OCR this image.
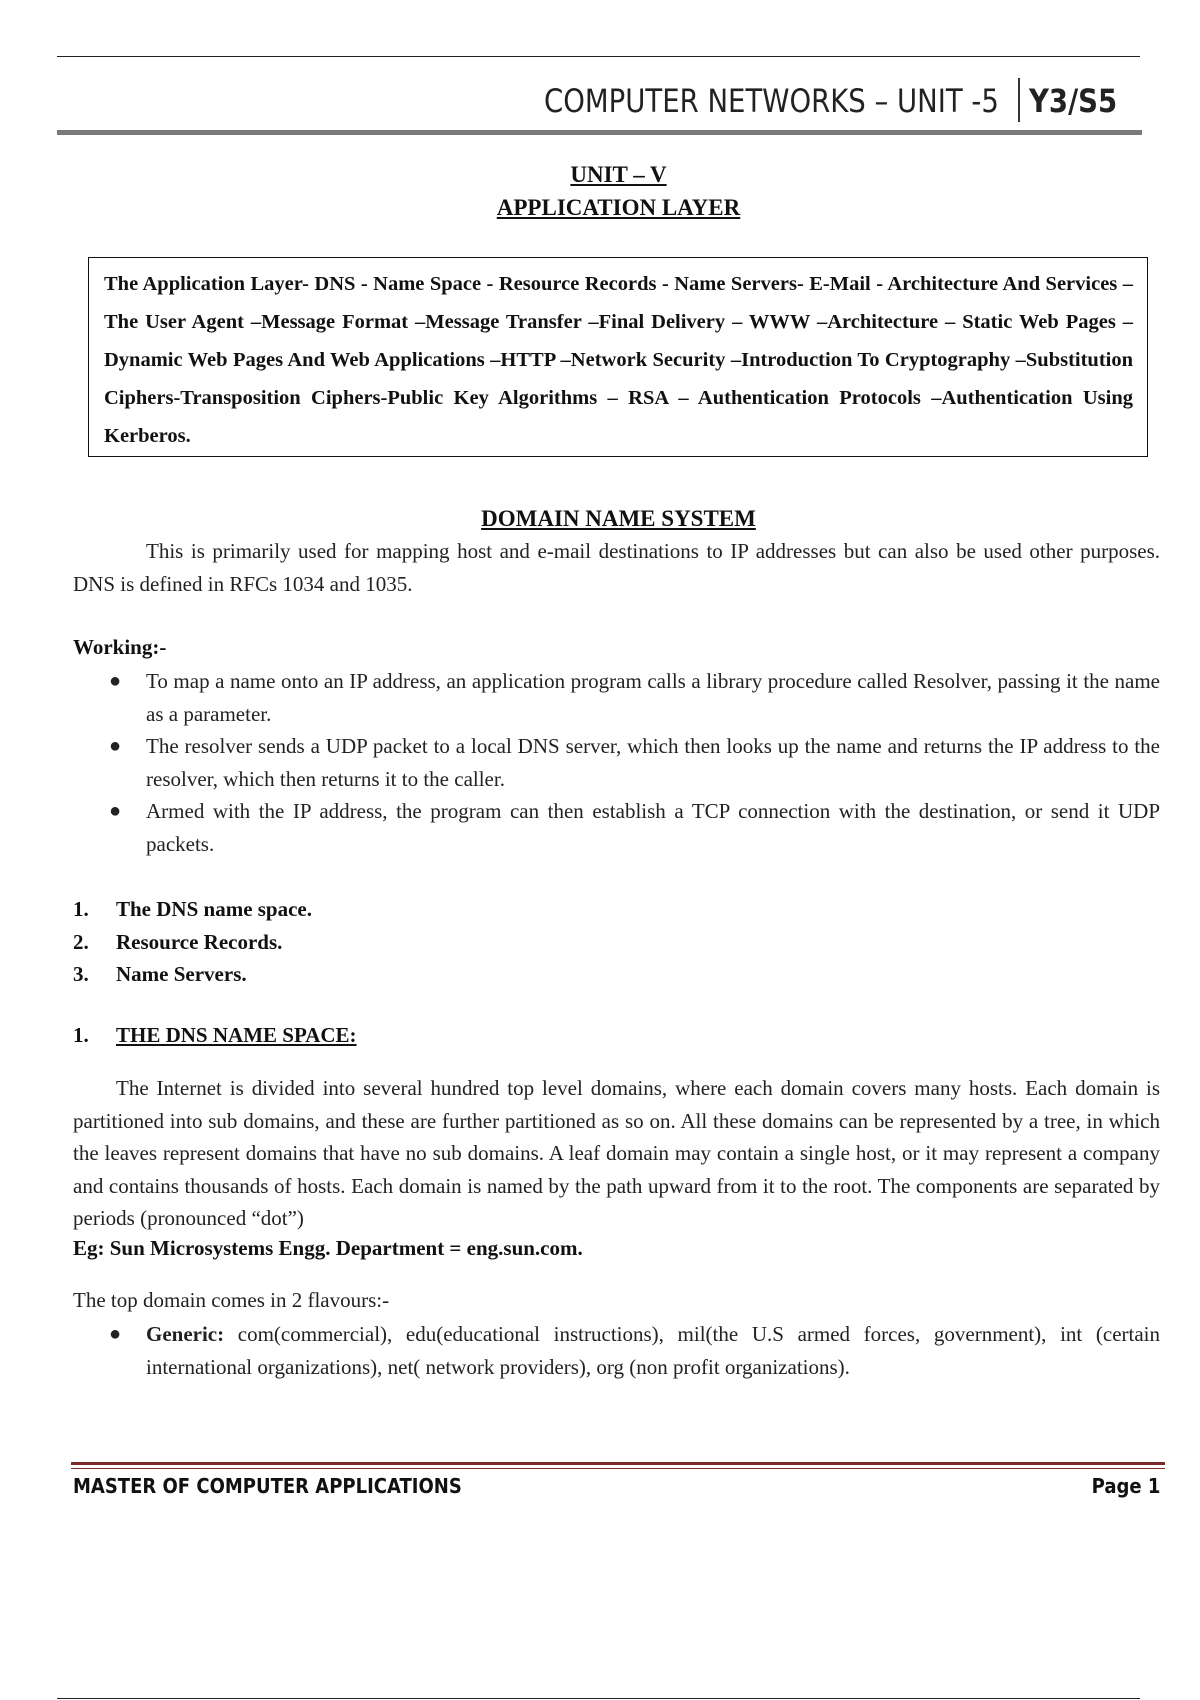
COMPUTER NETWORKS – UNIT -5 Y3/S5
UNIT – V
APPLICATION LAYER
The Application Layer- DNS - Name Space - Resource Records - Name Servers- E-Mail - Architecture And Services – The User Agent –Message Format –Message Transfer –Final Delivery – WWW –Architecture – Static Web Pages – Dynamic Web Pages And Web Applications –HTTP –Network Security –Introduction To Cryptography –Substitution Ciphers-Transposition Ciphers-Public Key Algorithms – RSA – Authentication Protocols –Authentication Using Kerberos.
DOMAIN NAME SYSTEM
This is primarily used for mapping host and e-mail destinations to IP addresses but can also be used other purposes. DNS is defined in RFCs 1034 and 1035.
Working:-
● To map a name onto an IP address, an application program calls a library procedure called Resolver, passing it the name as a parameter.
● The resolver sends a UDP packet to a local DNS server, which then looks up the name and returns the IP address to the resolver, which then returns it to the caller.
● Armed with the IP address, the program can then establish a TCP connection with the destination, or send it UDP packets.
1. The DNS name space.
2. Resource Records.
3. Name Servers.
1. THE DNS NAME SPACE:
The Internet is divided into several hundred top level domains, where each domain covers many hosts. Each domain is partitioned into sub domains, and these are further partitioned as so on. All these domains can be represented by a tree, in which the leaves represent domains that have no sub domains. A leaf domain may contain a single host, or it may represent a company and contains thousands of hosts. Each domain is named by the path upward from it to the root. The components are separated by periods (pronounced “dot”)
Eg: Sun Microsystems Engg. Department = eng.sun.com.
The top domain comes in 2 flavours:-
● Generic: com(commercial), edu(educational instructions), mil(the U.S armed forces, government), int (certain international organizations), net( network providers), org (non profit organizations).
MASTER OF COMPUTER APPLICATIONS	Page 1
